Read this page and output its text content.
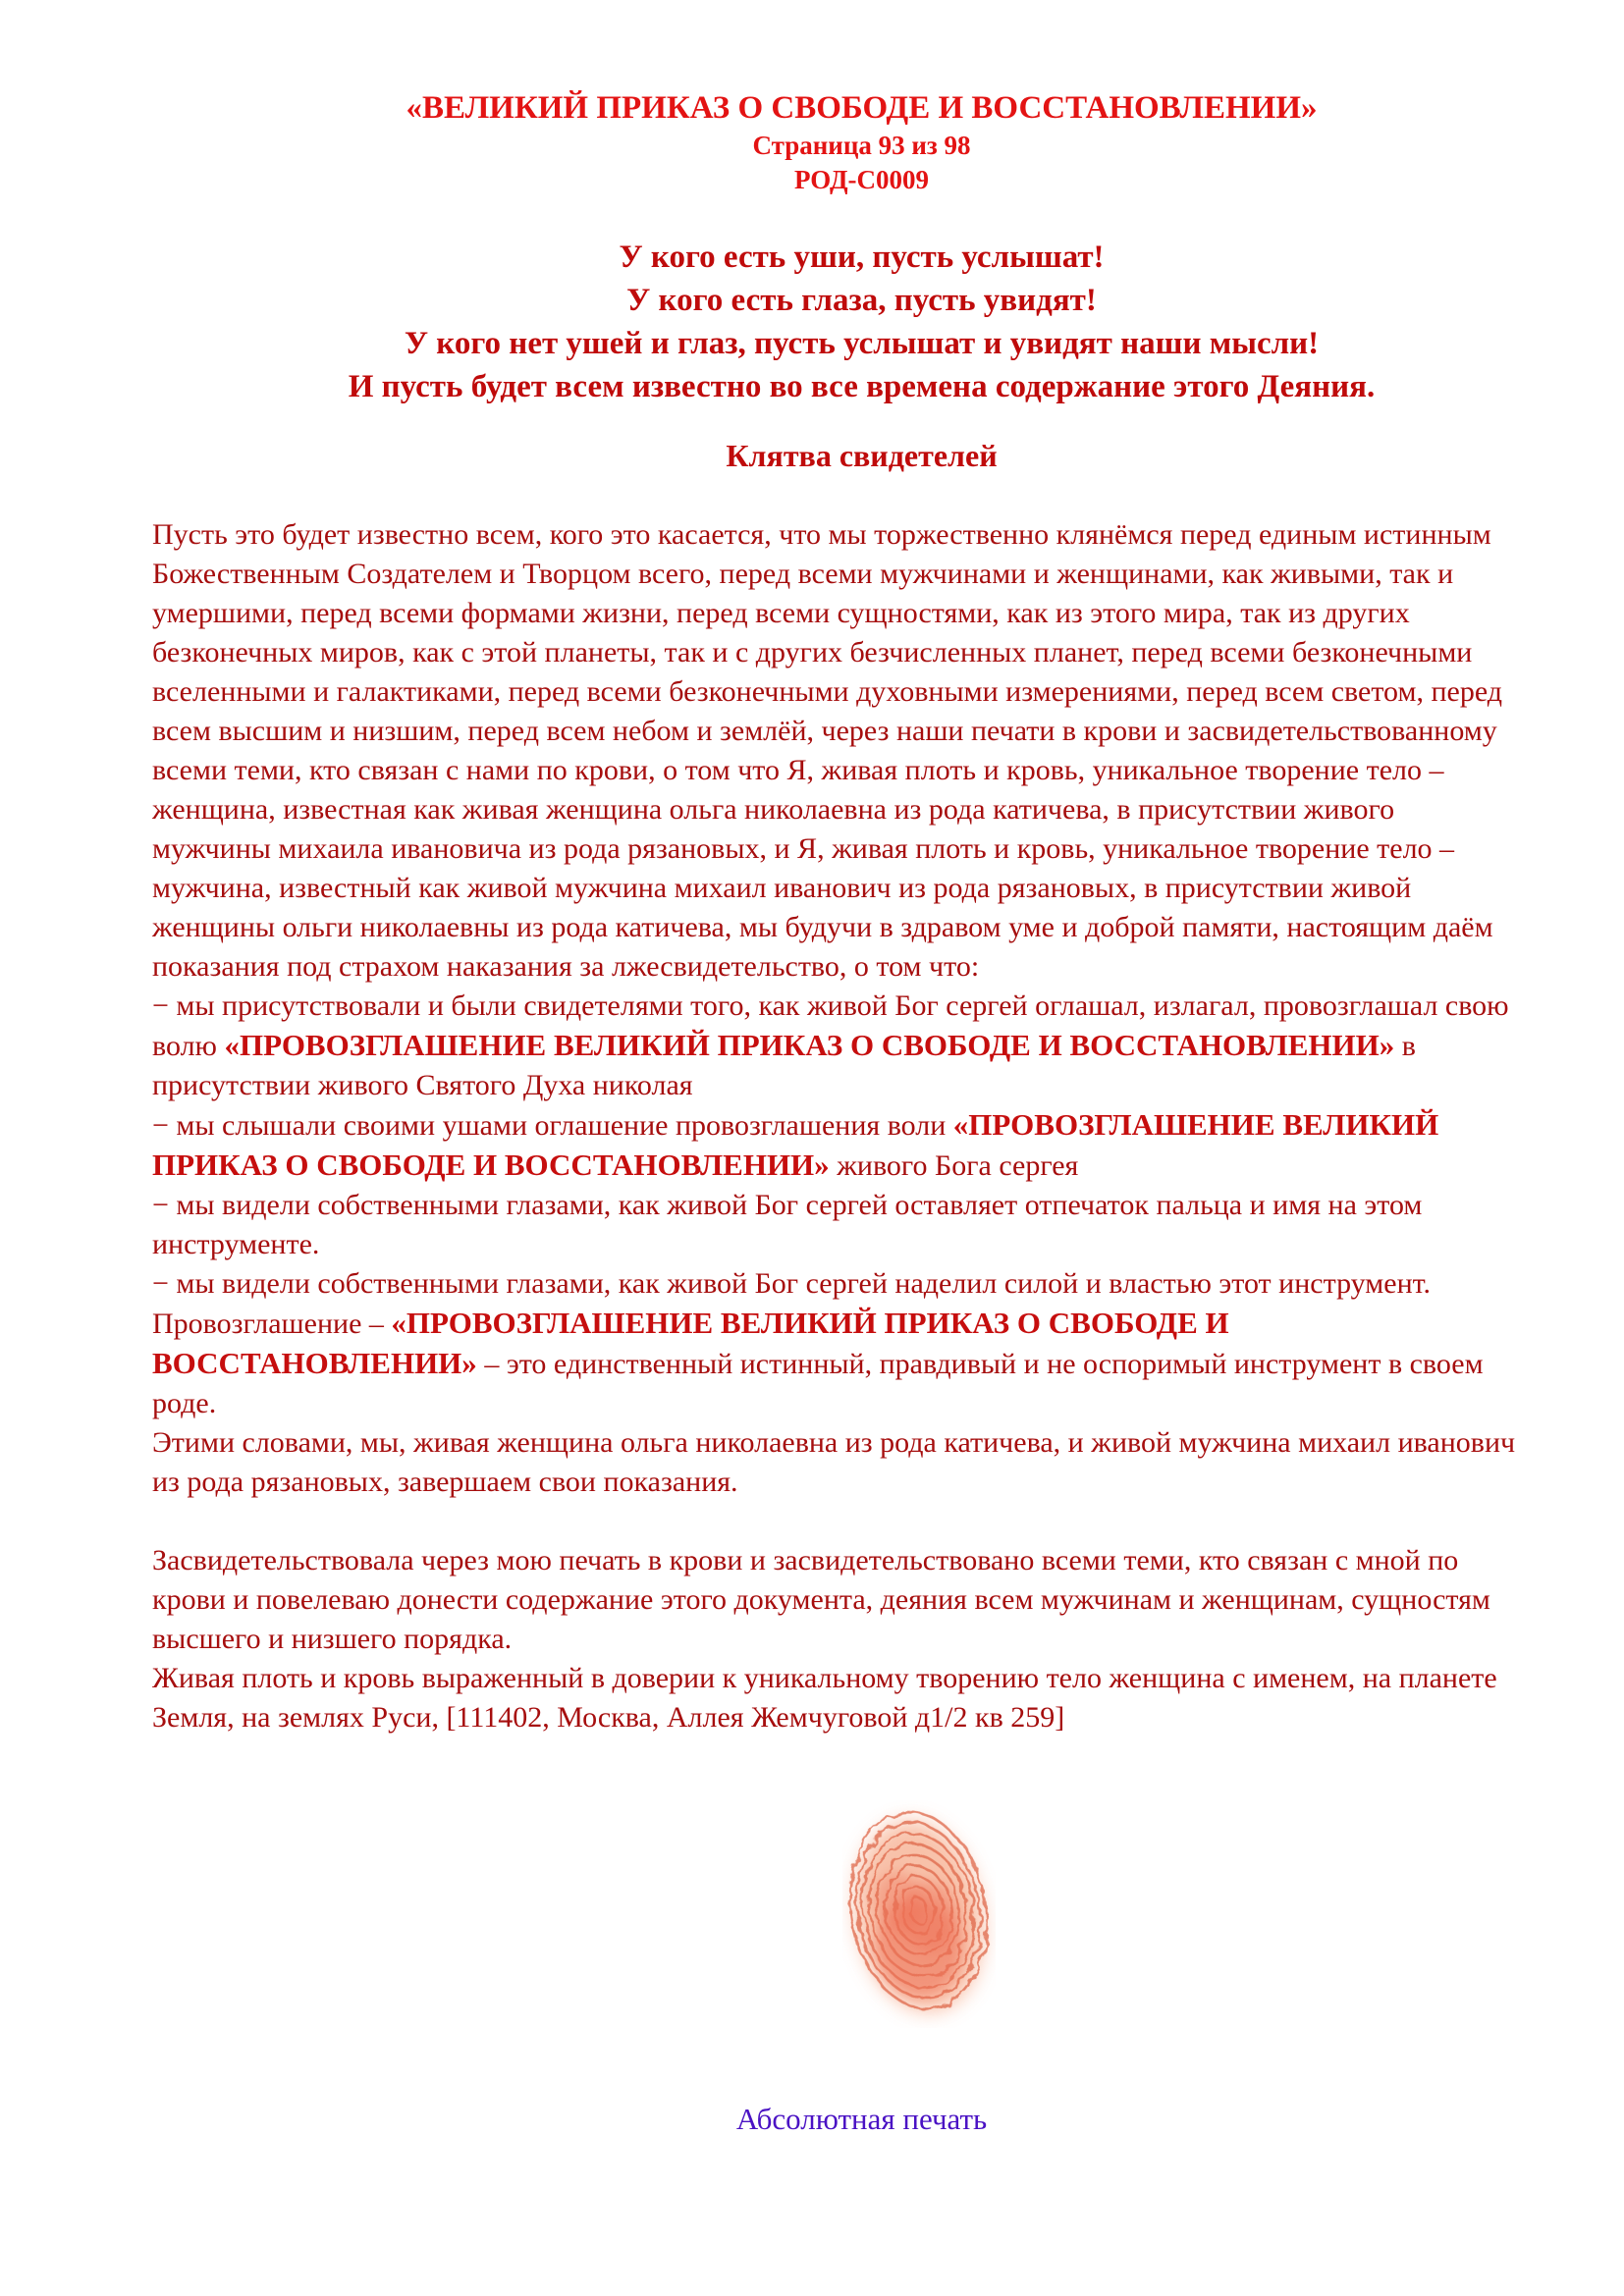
«ВЕЛИКИЙ ПРИКАЗ О СВОБОДЕ И ВОССТАНОВЛЕНИИ»
Страница 93 из 98
РОД-С0009
У кого есть уши, пусть услышат!
У кого есть глаза, пусть увидят!
У кого нет ушей и глаз, пусть услышат и увидят наши мысли!
И пусть будет всем известно во все времена содержание этого Деяния.
Клятва свидетелей

Пусть это будет известно всем, кого это касается, что мы торжественно клянёмся перед единым истинным Божественным Создателем и Творцом всего, перед всеми мужчинами и женщинами, как живыми, так и умершими, перед всеми формами жизни, перед всеми сущностями, как из этого мира, так из других безконечных миров, как с этой планеты, так и с других безчисленных планет, перед всеми безконечными вселенными и галактиками, перед всеми безконечными духовными измерениями, перед всем светом, перед всем высшим и низшим, перед всем небом и землёй, через наши печати в крови и засвидетельствованному всеми теми, кто связан с нами по крови, о том что Я, живая плоть и кровь, уникальное творение тело – женщина, известная как живая женщина ольга николаевна из рода катичева, в присутствии живого мужчины михаила ивановича из рода рязановых, и Я, живая плоть и кровь, уникальное творение тело – мужчина, известный как живой мужчина михаил иванович из рода рязановых, в присутствии живой женщины ольги николаевны из рода катичева, мы будучи в здравом уме и доброй памяти, настоящим даём показания под страхом наказания за лжесвидетельство, о том что:

− мы присутствовали и были свидетелями того, как живой Бог сергей оглашал, излагал, провозглашал свою волю «ПРОВОЗГЛАШЕНИЕ ВЕЛИКИЙ ПРИКАЗ О СВОБОДЕ И ВОССТАНОВЛЕНИИ» в присутствии живого Святого Духа николая

− мы слышали своими ушами оглашение провозглашения воли «ПРОВОЗГЛАШЕНИЕ ВЕЛИКИЙ ПРИКАЗ О СВОБОДЕ И ВОССТАНОВЛЕНИИ» живого Бога сергея

− мы видели собственными глазами, как живой Бог сергей оставляет отпечаток пальца и имя на этом инструменте.

− мы видели собственными глазами, как живой Бог сергей наделил силой и властью этот инструмент.

Провозглашение – «ПРОВОЗГЛАШЕНИЕ ВЕЛИКИЙ ПРИКАЗ О СВОБОДЕ И ВОССТАНОВЛЕНИИ» – это единственный истинный, правдивый и не оспоримый инструмент в своем роде.

Этими словами, мы, живая женщина ольга николаевна из рода катичева, и живой мужчина михаил иванович из рода рязановых, завершаем свои показания.

Засвидетельствовала через мою печать в крови и засвидетельствовано всеми теми, кто связан с мной по крови и повелеваю донести содержание этого документа, деяния всем мужчинам и женщинам, сущностям высшего и низшего порядка.

Живая плоть и кровь выраженный в доверии к уникальному творению тело женщина с именем, на планете Земля, на землях Руси, [111402, Москва, Аллея Жемчуговой д1/2 кв 259]

Абсолютная печать
